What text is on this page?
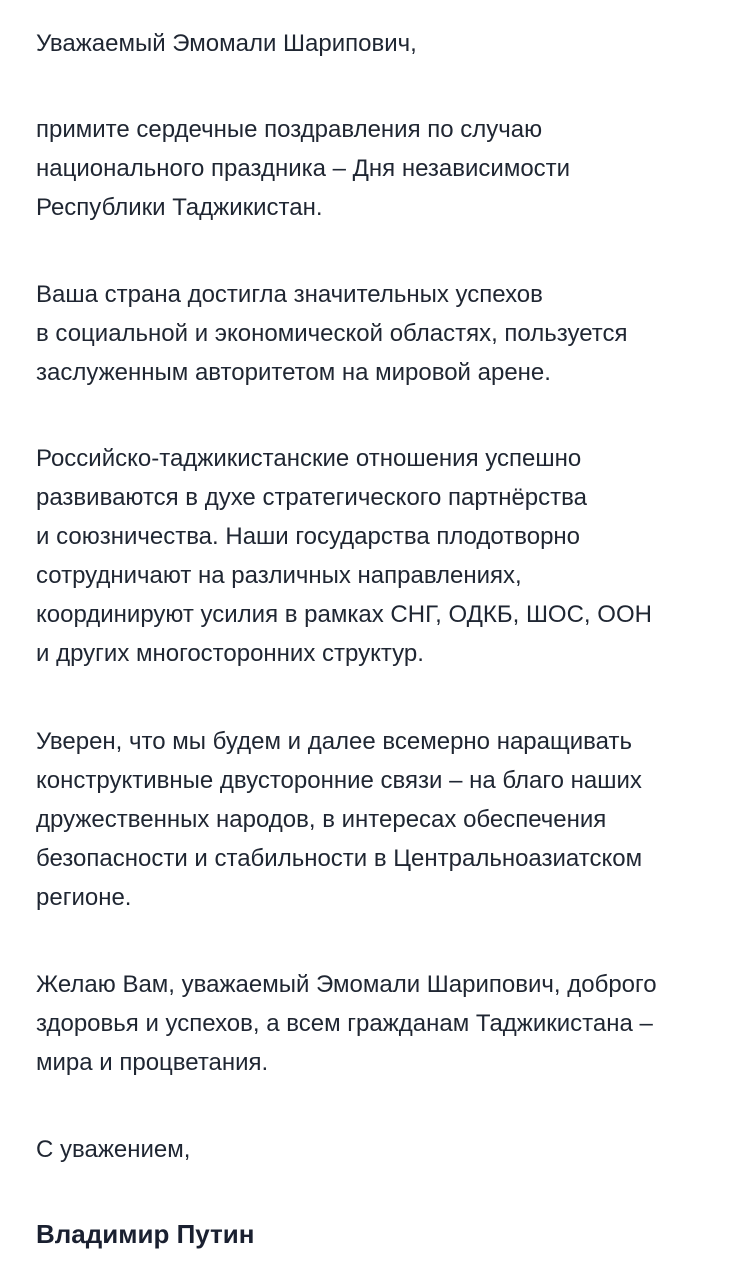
Уважаемый Эмомали Шарипович,
примите сердечные поздравления по случаю
национального праздника – Дня независимости
Республики Таджикистан.
Ваша страна достигла значительных успехов
в социальной и экономической областях, пользуется
заслуженным авторитетом на мировой арене.
Российско-таджикистанские отношения успешно
развиваются в духе стратегического партнёрства
и союзничества. Наши государства плодотворно
сотрудничают на различных направлениях,
координируют усилия в рамках СНГ, ОДКБ, ШОС, ООН
и других многосторонних структур.
Уверен, что мы будем и далее всемерно наращивать
конструктивные двусторонние связи – на благо наших
дружественных народов, в интересах обеспечения
безопасности и стабильности в Центральноазиатском
регионе.
Желаю Вам, уважаемый Эмомали Шарипович, доброго
здоровья и успехов, а всем гражданам Таджикистана –
мира и процветания.
С уважением,
Владимир Путин
